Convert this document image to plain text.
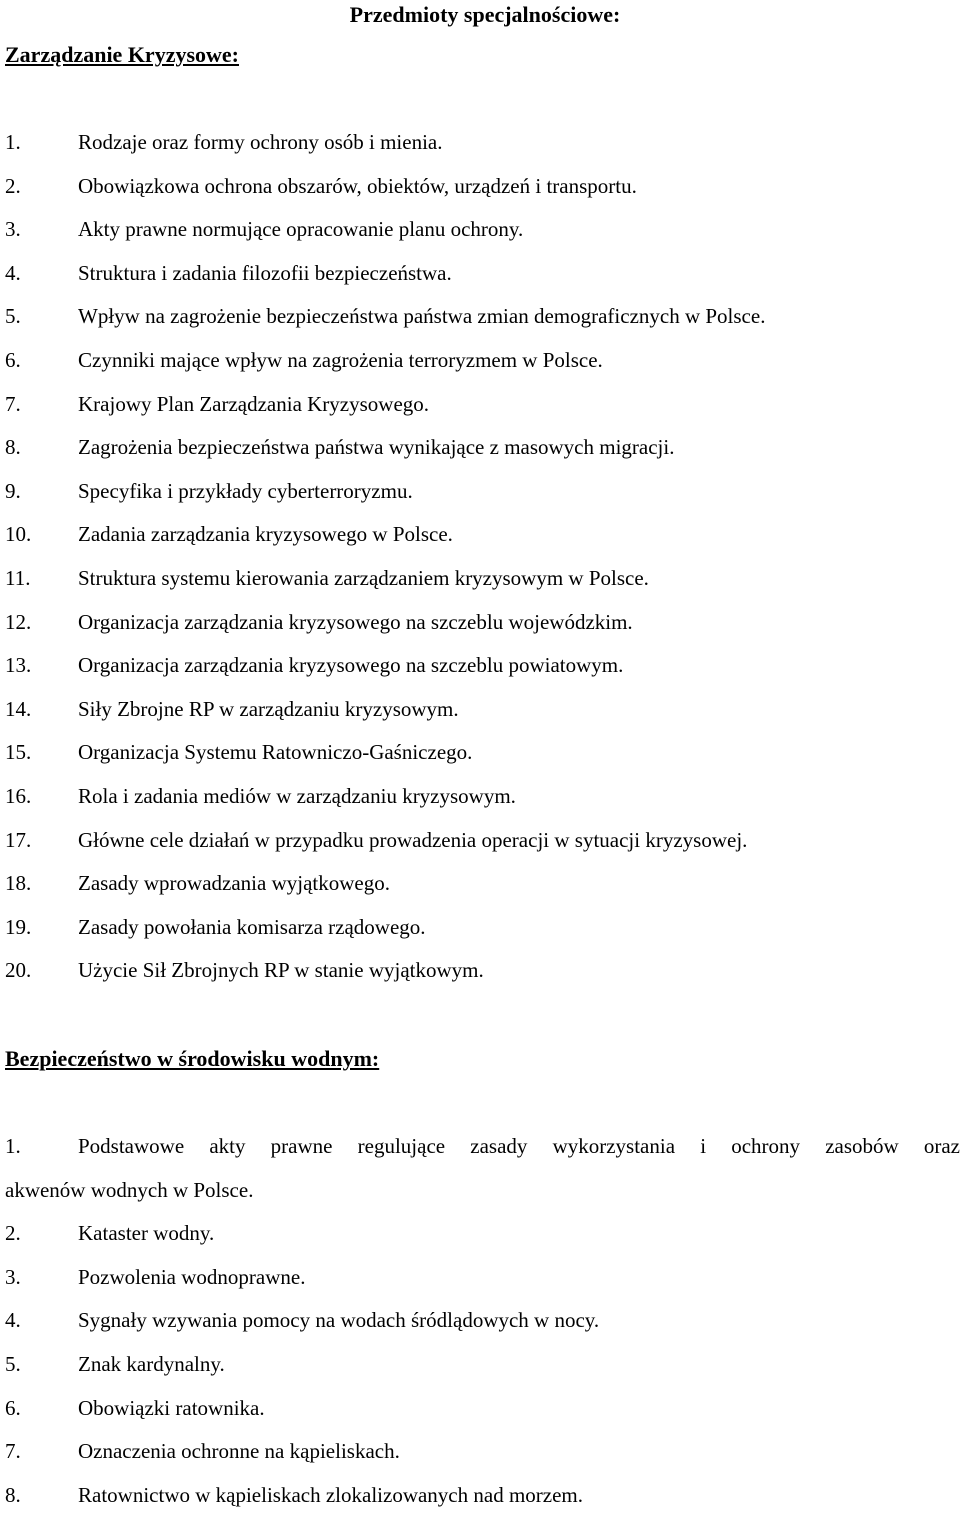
Przedmioty specjalnościowe:
Zarządzanie Kryzysowe:
1.	Rodzaje oraz formy ochrony osób i mienia.
2.	Obowiązkowa ochrona obszarów, obiektów, urządzeń i transportu.
3.	Akty prawne normujące opracowanie planu ochrony.
4.	Struktura i zadania filozofii bezpieczeństwa.
5.	Wpływ na zagrożenie bezpieczeństwa państwa zmian demograficznych w Polsce.
6.	Czynniki mające wpływ na zagrożenia terroryzmem w Polsce.
7.	Krajowy Plan Zarządzania Kryzysowego.
8.	Zagrożenia bezpieczeństwa państwa wynikające z masowych migracji.
9.	Specyfika i przykłady cyberterroryzmu.
10. Zadania zarządzania kryzysowego w Polsce.
11. Struktura systemu kierowania zarządzaniem kryzysowym w Polsce.
12. Organizacja zarządzania kryzysowego na szczeblu wojewódzkim.
13. Organizacja zarządzania kryzysowego na szczeblu powiatowym.
14. Siły Zbrojne RP w zarządzaniu kryzysowym.
15. Organizacja Systemu Ratowniczo-Gaśniczego.
16. Rola i zadania mediów w zarządzaniu kryzysowym.
17. Główne cele działań w przypadku prowadzenia operacji w sytuacji kryzysowej.
18. Zasady wprowadzania wyjątkowego.
19. Zasady powołania komisarza rządowego.
20. Użycie Sił Zbrojnych RP w stanie wyjątkowym.
Bezpieczeństwo w środowisku wodnym:
1.	Podstawowe akty prawne regulujące zasady wykorzystania i ochrony zasobów oraz
akwenów wodnych w Polsce.
2.	Kataster wodny.
3.	Pozwolenia wodnoprawne.
4.	Sygnały wzywania pomocy na wodach śródlądowych w nocy.
5.	Znak kardynalny.
6.	Obowiązki ratownika.
7.	Oznaczenia ochronne na kąpieliskach.
8.	Ratownictwo w kąpieliskach zlokalizowanych nad morzem.
